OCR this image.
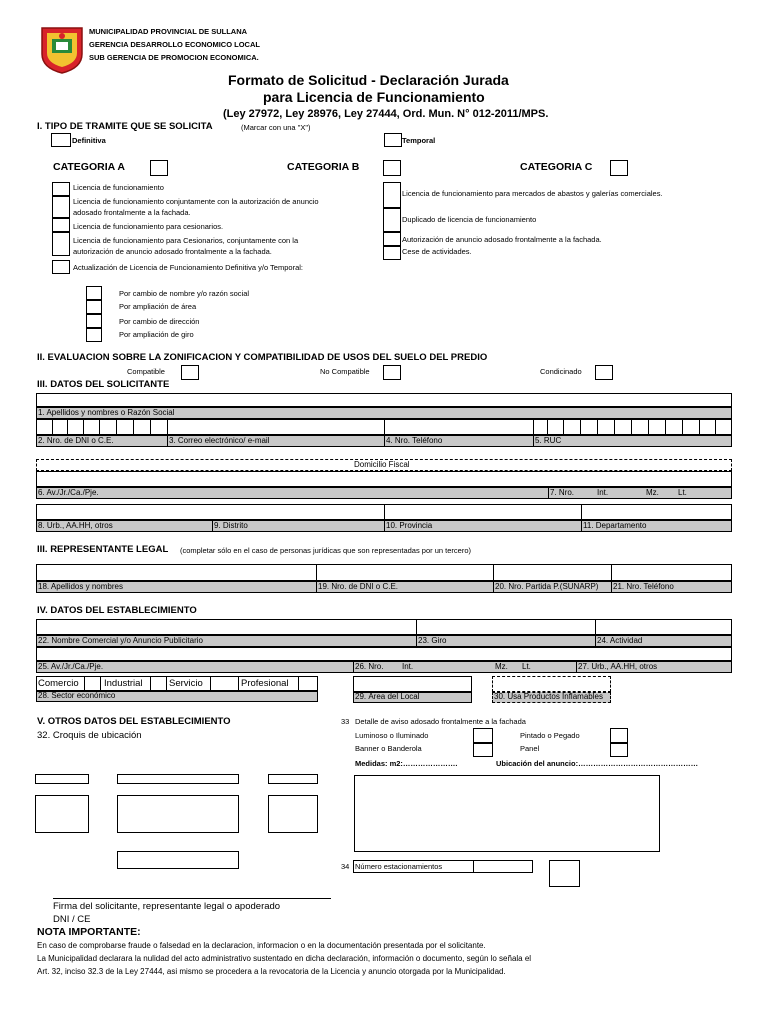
MUNICIPALIDAD PROVINCIAL DE SULLANA
GERENCIA DESARROLLO ECONOMICO LOCAL
SUB GERENCIA DE PROMOCION ECONOMICA.
Formato de Solicitud - Declaración Jurada
para Licencia de Funcionamiento
(Ley 27972, Ley 28976, Ley 27444, Ord. Mun. N° 012-2011/MPS.
I. TIPO DE TRAMITE QUE SE SOLICITA	(Marcar con una "X")
Definitiva	Temporal
CATEGORIA A	CATEGORIA B	CATEGORIA C
Licencia de funcionamiento
Licencia de funcionamiento conjuntamente con la autorización de anuncio
adosado frontalmente a la fachada.
Licencia de funcionamiento para cesionarios.
Licencia de funcionamiento para Cesionarios, conjuntamente con la
autorización de anuncio adosado frontalmente a la fachada.
Actualización de Licencia de Funcionamiento Definitiva y/o Temporal:
Licencia de funcionamiento para mercados de abastos y galerías comerciales.
Duplicado de licencia de funcionamiento
Autorización de anuncio adosado frontalmente a la fachada.
Cese de actividades.
Por cambio de nombre y/o razón social
Por ampliación de área
Por cambio de dirección
Por ampliación de giro
II. EVALUACION SOBRE LA ZONIFICACION Y COMPATIBILIDAD DE USOS DEL SUELO DEL PREDIO
Compatible	No Compatible	Condicinado
III. DATOS DEL SOLICITANTE
1. Apellidos y nombres o Razón Social
2. Nro. de DNI o C.E.	3. Correo electrónico/ e-mail	4. Nro. Teléfono	5. RUC
Domicilio Fiscal
6. Av./Jr./Ca./Pje.	7. Nro.	Int.	Mz. Lt.
8. Urb., AA.HH, otros	9. Distrito	10. Provincia	11. Departamento
III. REPRESENTANTE LEGAL (completar sólo en el caso de personas jurídicas que son representadas por un tercero)
18. Apellidos y nombres	19. Nro. de DNI o C.E.	20. Nro. Partida P.(SUNARP) 21. Nro. Teléfono
IV. DATOS DEL ESTABLECIMIENTO
22. Nombre Comercial y/o Anuncio Publicitario	23. Giro	24. Actividad
25. Av./Jr./Ca./Pje.	26. Nro. Int.	Mz. Lt.	27. Urb., AA.HH, otros
Comercio	Industrial	Servicio	Profesional
28. Sector económico	29. Área del Local	30. Usa Productos Inflamables
V. OTROS DATOS DEL ESTABLECIMIENTO
32. Croquis de ubicación
33 Detalle de aviso adosado frontalmente a la fachada
Luminoso o Iluminado	Pintado o Pegado
Banner o Banderola	Panel
Medidas: m2:………………….	Ubicación del anuncio:…………………………………………
34 Número estacionamientos
Firma del solicitante, representante legal o apoderado
DNI / CE
NOTA IMPORTANTE:
En caso de comprobarse fraude o falsedad en la declaracion, informacion o en la documentación presentada por el solicitante.
La Municipalidad declarara la nulidad del acto administrativo sustentado en dicha declaración, información o documento, según lo señala el
Art. 32, inciso 32.3 de la Ley 27444, asi mismo se procedera a la revocatoria de la Licencia y anuncio otorgada por la Municipalidad.
